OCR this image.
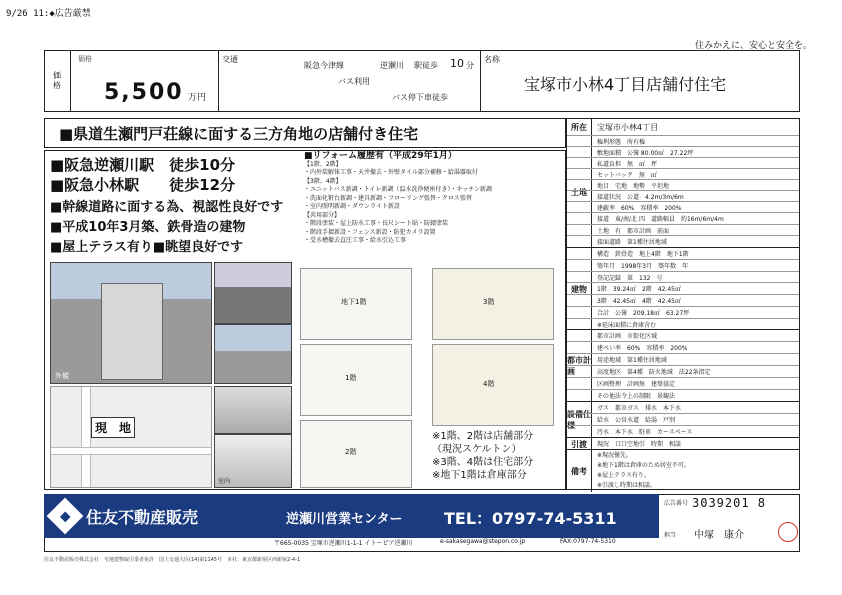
9/26 11:◆広告厳禁
住みかえに、安心と安全を。
価格
価格
5,500 万円
交通
阪急今津線	逆瀬川 駅徒歩 10 分
バス利用
バス停下車徒歩
名称
宝塚市小林4丁目店舗付住宅
■県道生瀬門戸荘線に面する三方角地の店舗付き住宅
■阪急逆瀬川駅　徒歩10分
■阪急小林駅　　徒歩12分
■幹線道路に面する為、視認性良好です
■平成10年3月築、鉄骨造の建物
■屋上テラス有り■眺望良好です
■リフォーム履歴有（平成29年1月）
【1階、2階】
・内外装解体工事・天井撤去・外壁タイル部分補修・給湯器取付
【3階、4階】
・ユニットバス新調・トイレ新調（温水洗浄便座付き）・キッチン新調
・洗面化粧台新調・建具新調・フローリング張替・クロス張替
・室内照明新調・ダウンライト新設
【共用部分】
・階段塗装・屋上防水工事・長尺シート貼・防錆塗装
・階段手摺新設・フェンス新設・防犯カメラ設置
・受水槽撤去直圧工事・給水引込工事
外観
現　地
室内
地下1階
1階
2階
3階
4階
※1階、2階は店舗部分
（現況スケルトン）
※3階、4階は住宅部分
※地下1階は倉庫部分
所在	宝塚市小林4丁目
土地
権利形態　所有権
敷地面積　公簿 80.00㎡　27.22坪
私道負担　無　㎡　坪
セットバック　無　㎡
地目　宅地　地勢　平坦地
接道状況　公道　4.2m/3m/6m
建蔽率　60%　容積率　200%
接道　東/南/北 四　道路幅員　約16m/6m/4m
土地　有　都市計画　前面
接面道路　第1種住居地域
建物
構造　鉄骨造　地上4階　地下1階
築年月　1998年3月　築年数　年
登記記録　第　132　号
1階　39.24㎡　2階　42.45㎡
3階　42.45㎡　4階　42.45㎡
合計　公簿　209.18㎡　63.27坪
※延床面積に倉庫含む
都市計画
都市計画　市街化区域
建ぺい率　60%　容積率　200%
用途地域　第1種住居地域
高度地区　第4種　防火地域　法22条指定
区画整理　計画無　建築協定
その他法令上の制限　景観法
設備仕様
ガス　都市ガス　排水　本下水
給水　公営水道　給湯　戸別
汚水　本下水　駐車　カースペース
引渡	現況　口口空地引　時期　相談
備考
※現況優先。
※地下1階は倉庫のため居室不可。
※屋上テラス有り。
※引渡し時期は相談。
◆ 住友不動産販売	逆瀬川営業センター	TEL：0797-74-5311
〒665-0035 宝塚市逆瀬川1-1-1 イトーピア逆瀬川	e-sakasegawa@stepon.co.jp	FAX:0797-74-5310
広告番号 3039201 8
担当 中塚　康介
住友不動産販売株式会社　宅地建物取引業者免許　国土交通大臣(14)第1145号　本社：東京都新宿区西新宿2-4-1
